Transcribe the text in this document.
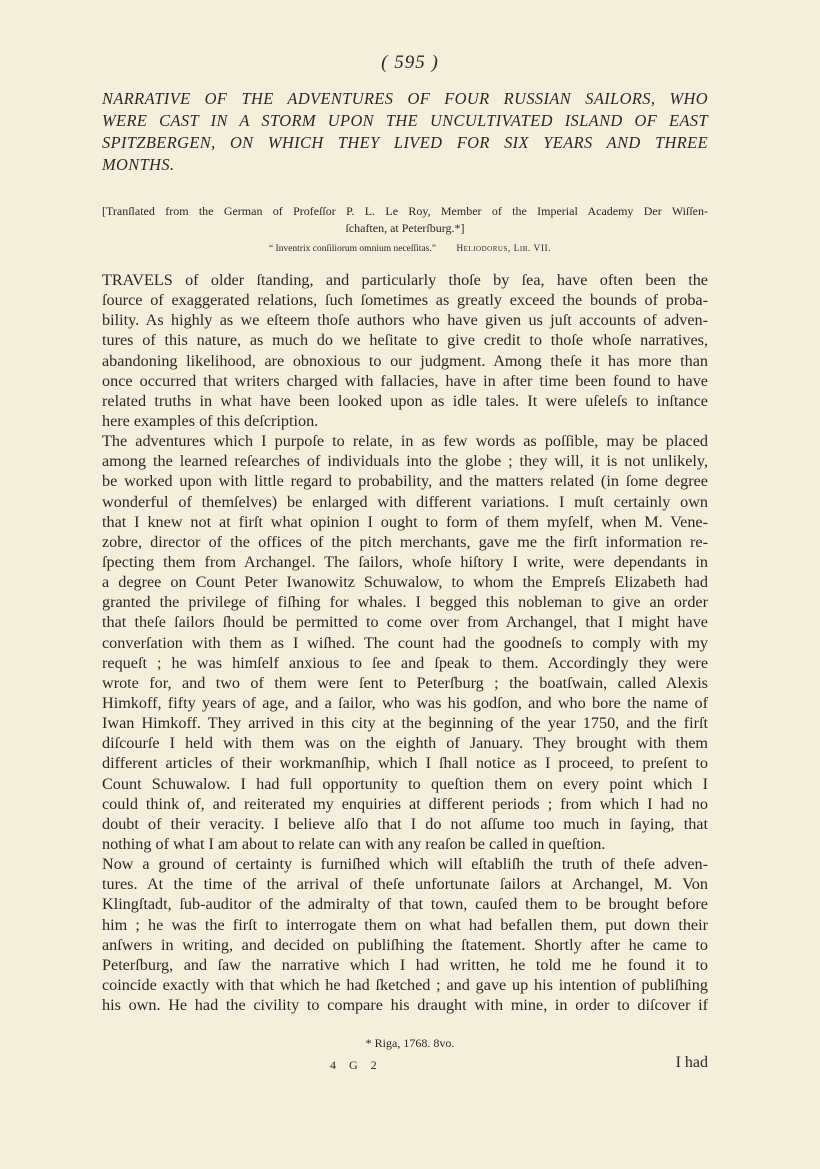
( 595 )
NARRATIVE OF THE ADVENTURES OF FOUR RUSSIAN SAILORS, WHO
WERE CAST IN A STORM UPON THE UNCULTIVATED ISLAND OF EAST
SPITZBERGEN, ON WHICH THEY LIVED FOR SIX YEARS AND THREE
MONTHS.
[Tranſlated from the German of Profeſſor P. L. Le Roy, Member of the Imperial Academy Der Wiſſen-
ſchaften, at Peterſburg.*]
“ Inventrix conſiliorum omnium neceſſitas.” Heliodorus, Lib. VII.
TRAVELS of older ſtanding, and particularly thoſe by ſea, have often been the
ſource of exaggerated relations, ſuch ſometimes as greatly exceed the bounds of proba-
bility. As highly as we eſteem thoſe authors who have given us juſt accounts of adven-
tures of this nature, as much do we heſitate to give credit to thoſe whoſe narratives,
abandoning likelihood, are obnoxious to our judgment. Among theſe it has more than
once occurred that writers charged with fallacies, have in after time been found to have
related truths in what have been looked upon as idle tales. It were uſeleſs to inſtance
here examples of this deſcription.
The adventures which I purpoſe to relate, in as few words as poſſible, may be placed
among the learned reſearches of individuals into the globe ; they will, it is not unlikely,
be worked upon with little regard to probability, and the matters related (in ſome degree
wonderful of themſelves) be enlarged with different variations. I muſt certainly own
that I knew not at firſt what opinion I ought to form of them myſelf, when M. Vene-
zobre, director of the offices of the pitch merchants, gave me the firſt information re-
ſpecting them from Archangel. The ſailors, whoſe hiſtory I write, were dependants in
a degree on Count Peter Iwanowitz Schuwalow, to whom the Empreſs Elizabeth had
granted the privilege of fiſhing for whales. I begged this nobleman to give an order
that theſe ſailors ſhould be permitted to come over from Archangel, that I might have
converſation with them as I wiſhed. The count had the goodneſs to comply with my
requeſt ; he was himſelf anxious to ſee and ſpeak to them. Accordingly they were
wrote for, and two of them were ſent to Peterſburg ; the boatſwain, called Alexis
Himkoff, fifty years of age, and a ſailor, who was his godſon, and who bore the name of
Iwan Himkoff. They arrived in this city at the beginning of the year 1750, and the firſt
diſcourſe I held with them was on the eighth of January. They brought with them
different articles of their workmanſhip, which I ſhall notice as I proceed, to preſent to
Count Schuwalow. I had full opportunity to queſtion them on every point which I
could think of, and reiterated my enquiries at different periods ; from which I had no
doubt of their veracity. I believe alſo that I do not aſſume too much in ſaying, that
nothing of what I am about to relate can with any reaſon be called in queſtion.
Now a ground of certainty is furniſhed which will eſtabliſh the truth of theſe adven-
tures. At the time of the arrival of theſe unfortunate ſailors at Archangel, M. Von
Klingſtadt, ſub-auditor of the admiralty of that town, cauſed them to be brought before
him ; he was the firſt to interrogate them on what had befallen them, put down their
anſwers in writing, and decided on publiſhing the ſtatement. Shortly after he came to
Peterſburg, and ſaw the narrative which I had written, he told me he found it to
coincide exactly with that which he had ſketched ; and gave up his intention of publiſhing
his own. He had the civility to compare his draught with mine, in order to diſcover if
* Riga, 1768. 8vo.
4 G 2	I had
